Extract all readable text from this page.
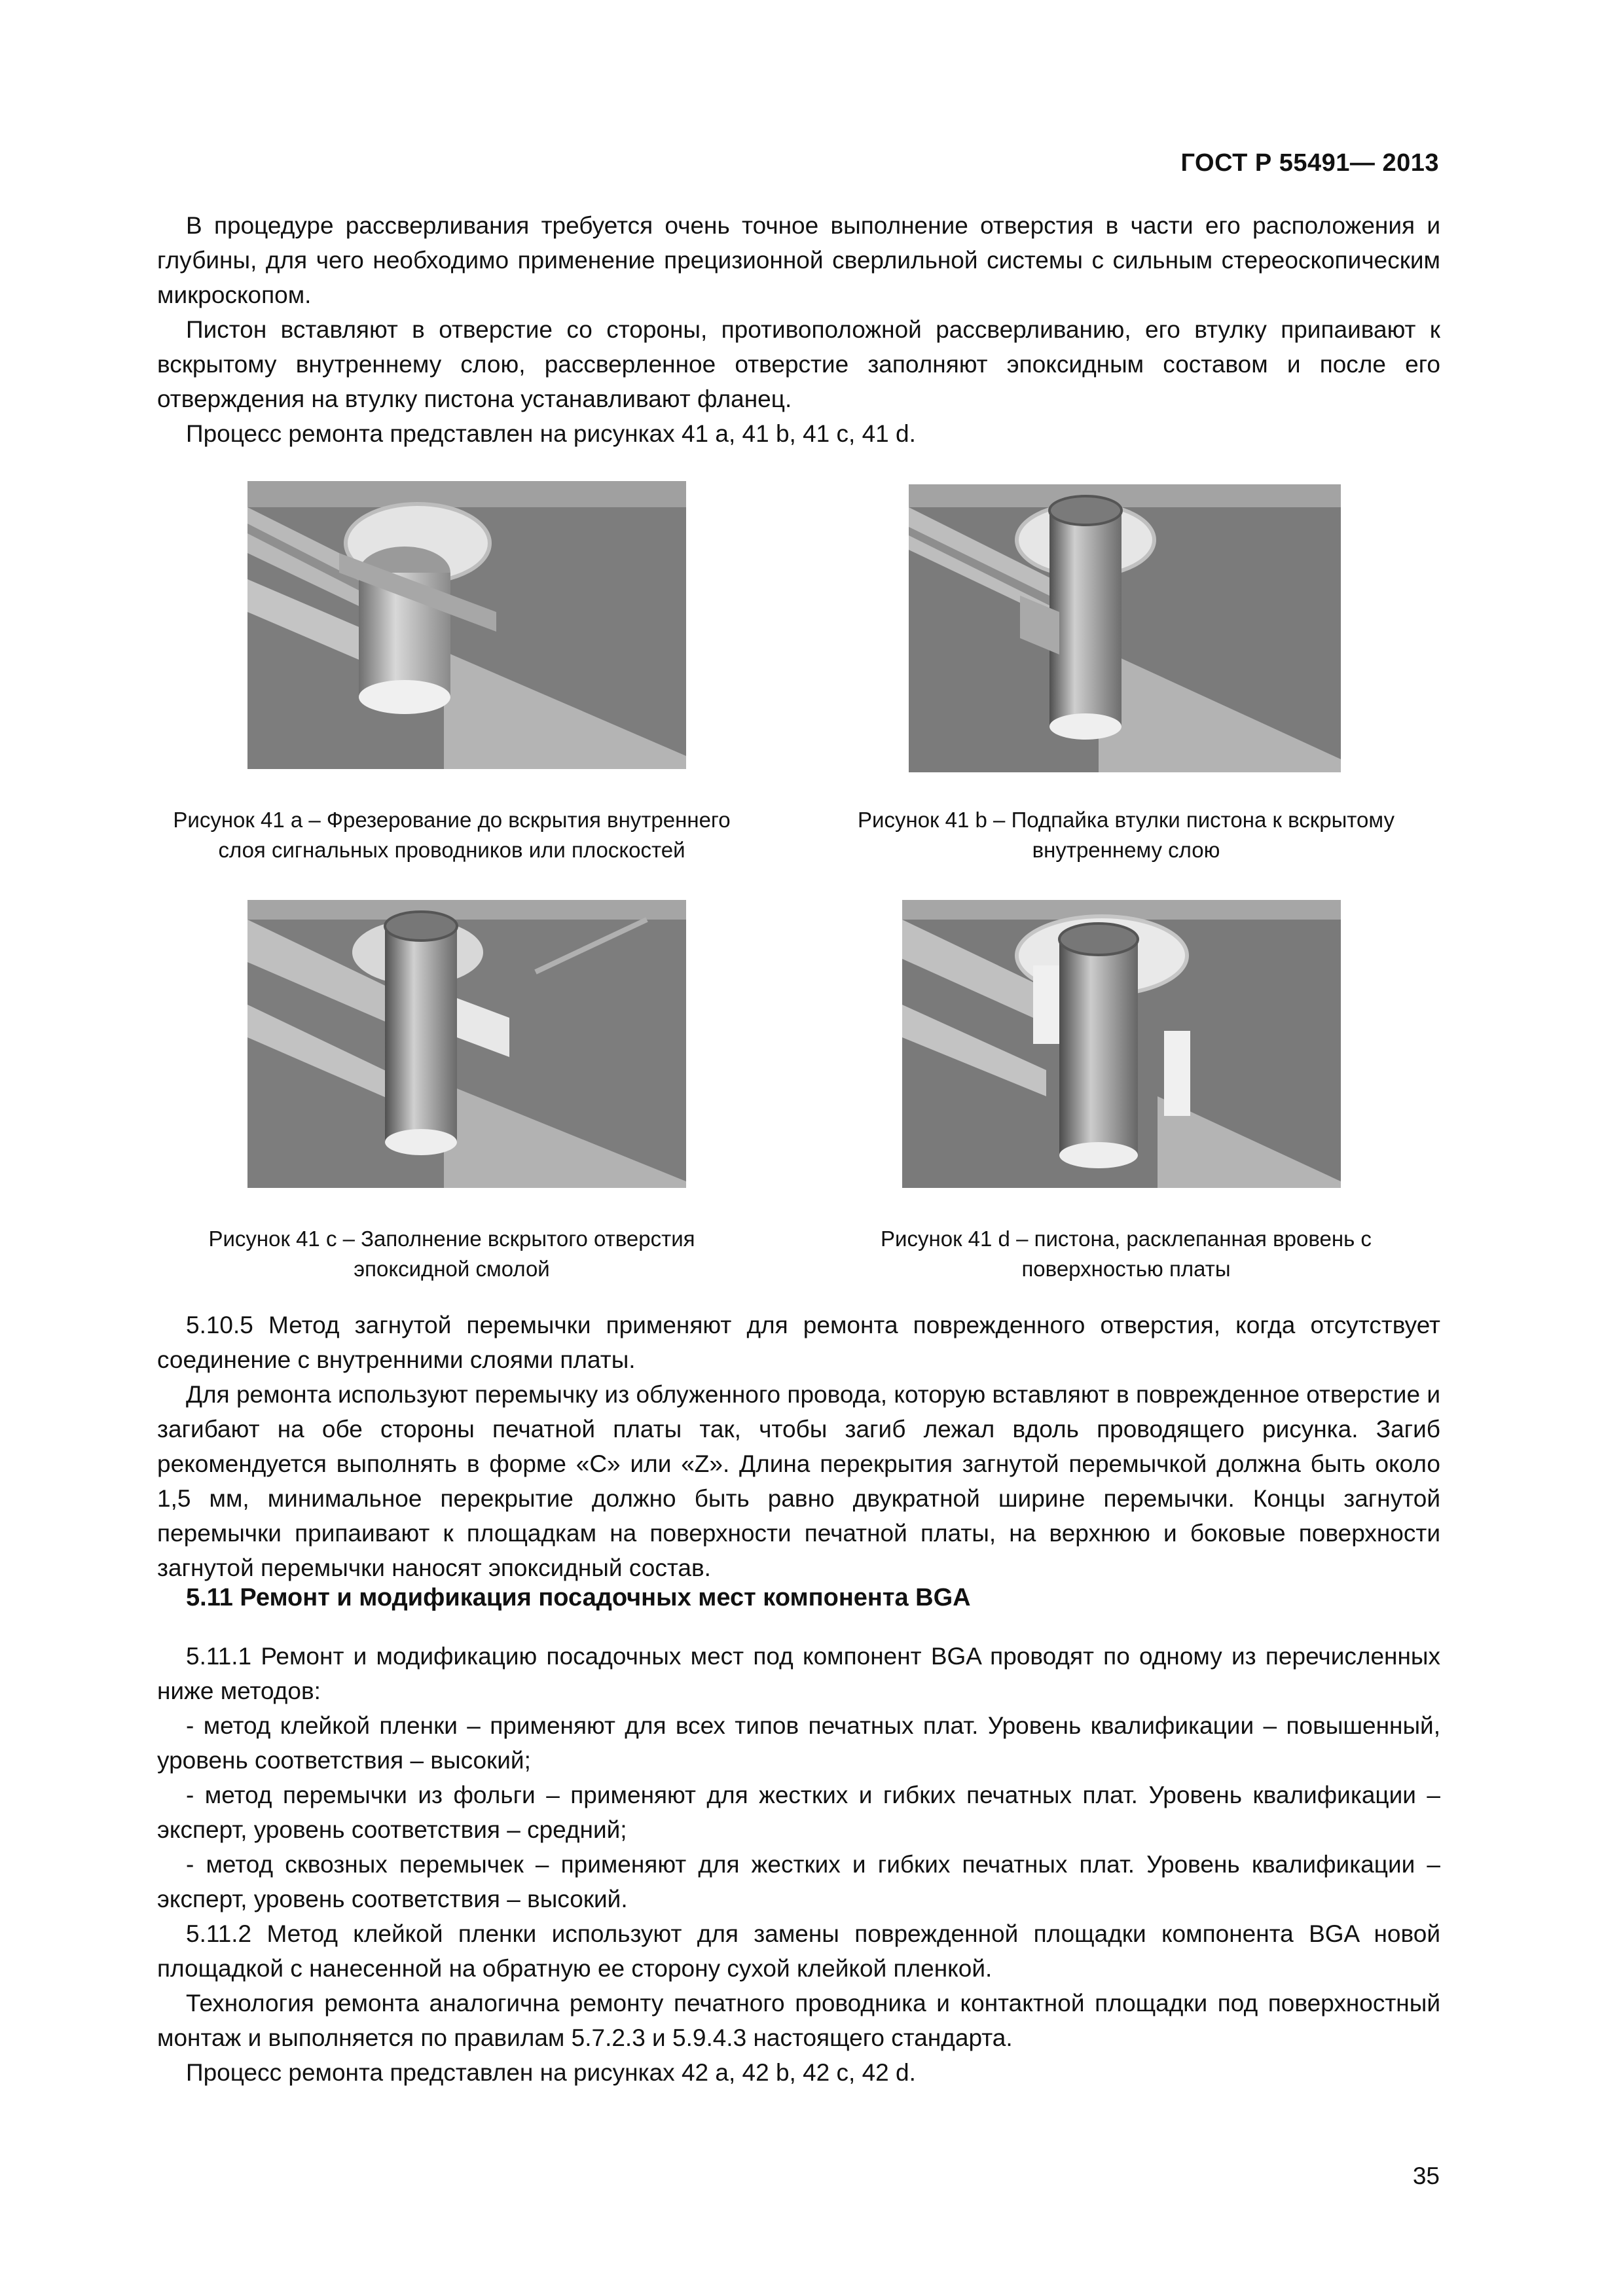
ГОСТ Р 55491— 2013

В процедуре рассверливания требуется очень точное выполнение отверстия в части его расположения и глубины, для чего необходимо применение прецизионной сверлильной системы с сильным стереоскопическим микроскопом.

Пистон вставляют в отверстие со стороны, противоположной рассверливанию, его втулку припаивают к вскрытому внутреннему слою, рассверленное отверстие заполняют эпоксидным составом и после его отверждения на втулку пистона устанавливают фланец.

Процесс ремонта представлен на рисунках 41 a, 41 b, 41 c, 41 d.

Рисунок 41 a – Фрезерование до вскрытия внутреннего
слоя сигнальных проводников или плоскостей
Рисунок 41 b – Подпайка втулки пистона к вскрытому
внутреннему слою
Рисунок 41 c – Заполнение вскрытого отверстия
эпоксидной смолой
Рисунок 41 d – пистона, расклепанная вровень с
поверхностью платы

5.10.5 Метод загнутой перемычки применяют для ремонта поврежденного отверстия, когда отсутствует соединение с внутренними слоями платы.

Для ремонта используют перемычку из облуженного провода, которую вставляют в поврежденное отверстие и загибают на обе стороны печатной платы так, чтобы загиб лежал вдоль проводящего рисунка. Загиб рекомендуется выполнять в форме «С» или «Z». Длина перекрытия загнутой перемычкой должна быть около 1,5 мм, минимальное перекрытие должно быть равно двукратной ширине перемычки. Концы загнутой перемычки припаивают к площадкам на поверхности печатной платы, на верхнюю и боковые поверхности загнутой перемычки наносят эпоксидный состав.

5.11 Ремонт и модификация посадочных мест компонента BGA

5.11.1 Ремонт и модификацию посадочных мест под компонент BGA проводят по одному из перечисленных ниже методов:

- метод клейкой пленки – применяют для всех типов печатных плат. Уровень квалификации – повышенный, уровень соответствия – высокий;

- метод перемычки из фольги – применяют для жестких и гибких печатных плат. Уровень квалификации – эксперт, уровень соответствия – средний;

- метод сквозных перемычек – применяют для жестких и гибких печатных плат. Уровень квалификации – эксперт, уровень соответствия – высокий.

5.11.2 Метод клейкой пленки используют для замены поврежденной площадки компонента BGA новой площадкой с нанесенной на обратную ее сторону сухой клейкой пленкой.

Технология ремонта аналогична ремонту печатного проводника и контактной площадки под поверхностный монтаж и выполняется по правилам 5.7.2.3 и 5.9.4.3 настоящего стандарта.

Процесс ремонта представлен на рисунках 42 a, 42 b, 42 c, 42 d.

35
